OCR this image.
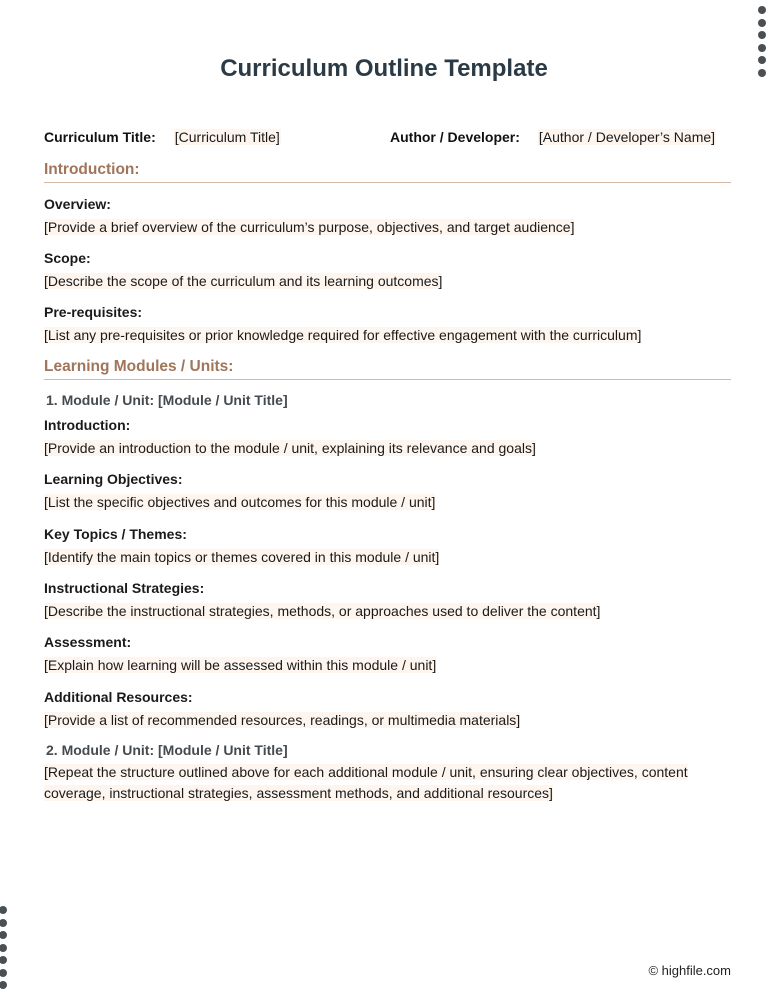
Curriculum Outline Template
Curriculum Title: [Curriculum Title]	Author / Developer: [Author / Developer’s Name]
Introduction:
Overview:
[Provide a brief overview of the curriculum’s purpose, objectives, and target audience]
Scope:
[Describe the scope of the curriculum and its learning outcomes]
Pre-requisites:
[List any pre-requisites or prior knowledge required for effective engagement with the curriculum]
Learning Modules / Units:
1. Module / Unit: [Module / Unit Title]
Introduction:
[Provide an introduction to the module / unit, explaining its relevance and goals]
Learning Objectives:
[List the specific objectives and outcomes for this module / unit]
Key Topics / Themes:
[Identify the main topics or themes covered in this module / unit]
Instructional Strategies:
[Describe the instructional strategies, methods, or approaches used to deliver the content]
Assessment:
[Explain how learning will be assessed within this module / unit]
Additional Resources:
[Provide a list of recommended resources, readings, or multimedia materials]
2. Module / Unit: [Module / Unit Title]
[Repeat the structure outlined above for each additional module / unit, ensuring clear objectives, content coverage, instructional strategies, assessment methods, and additional resources]
© highfile.com
